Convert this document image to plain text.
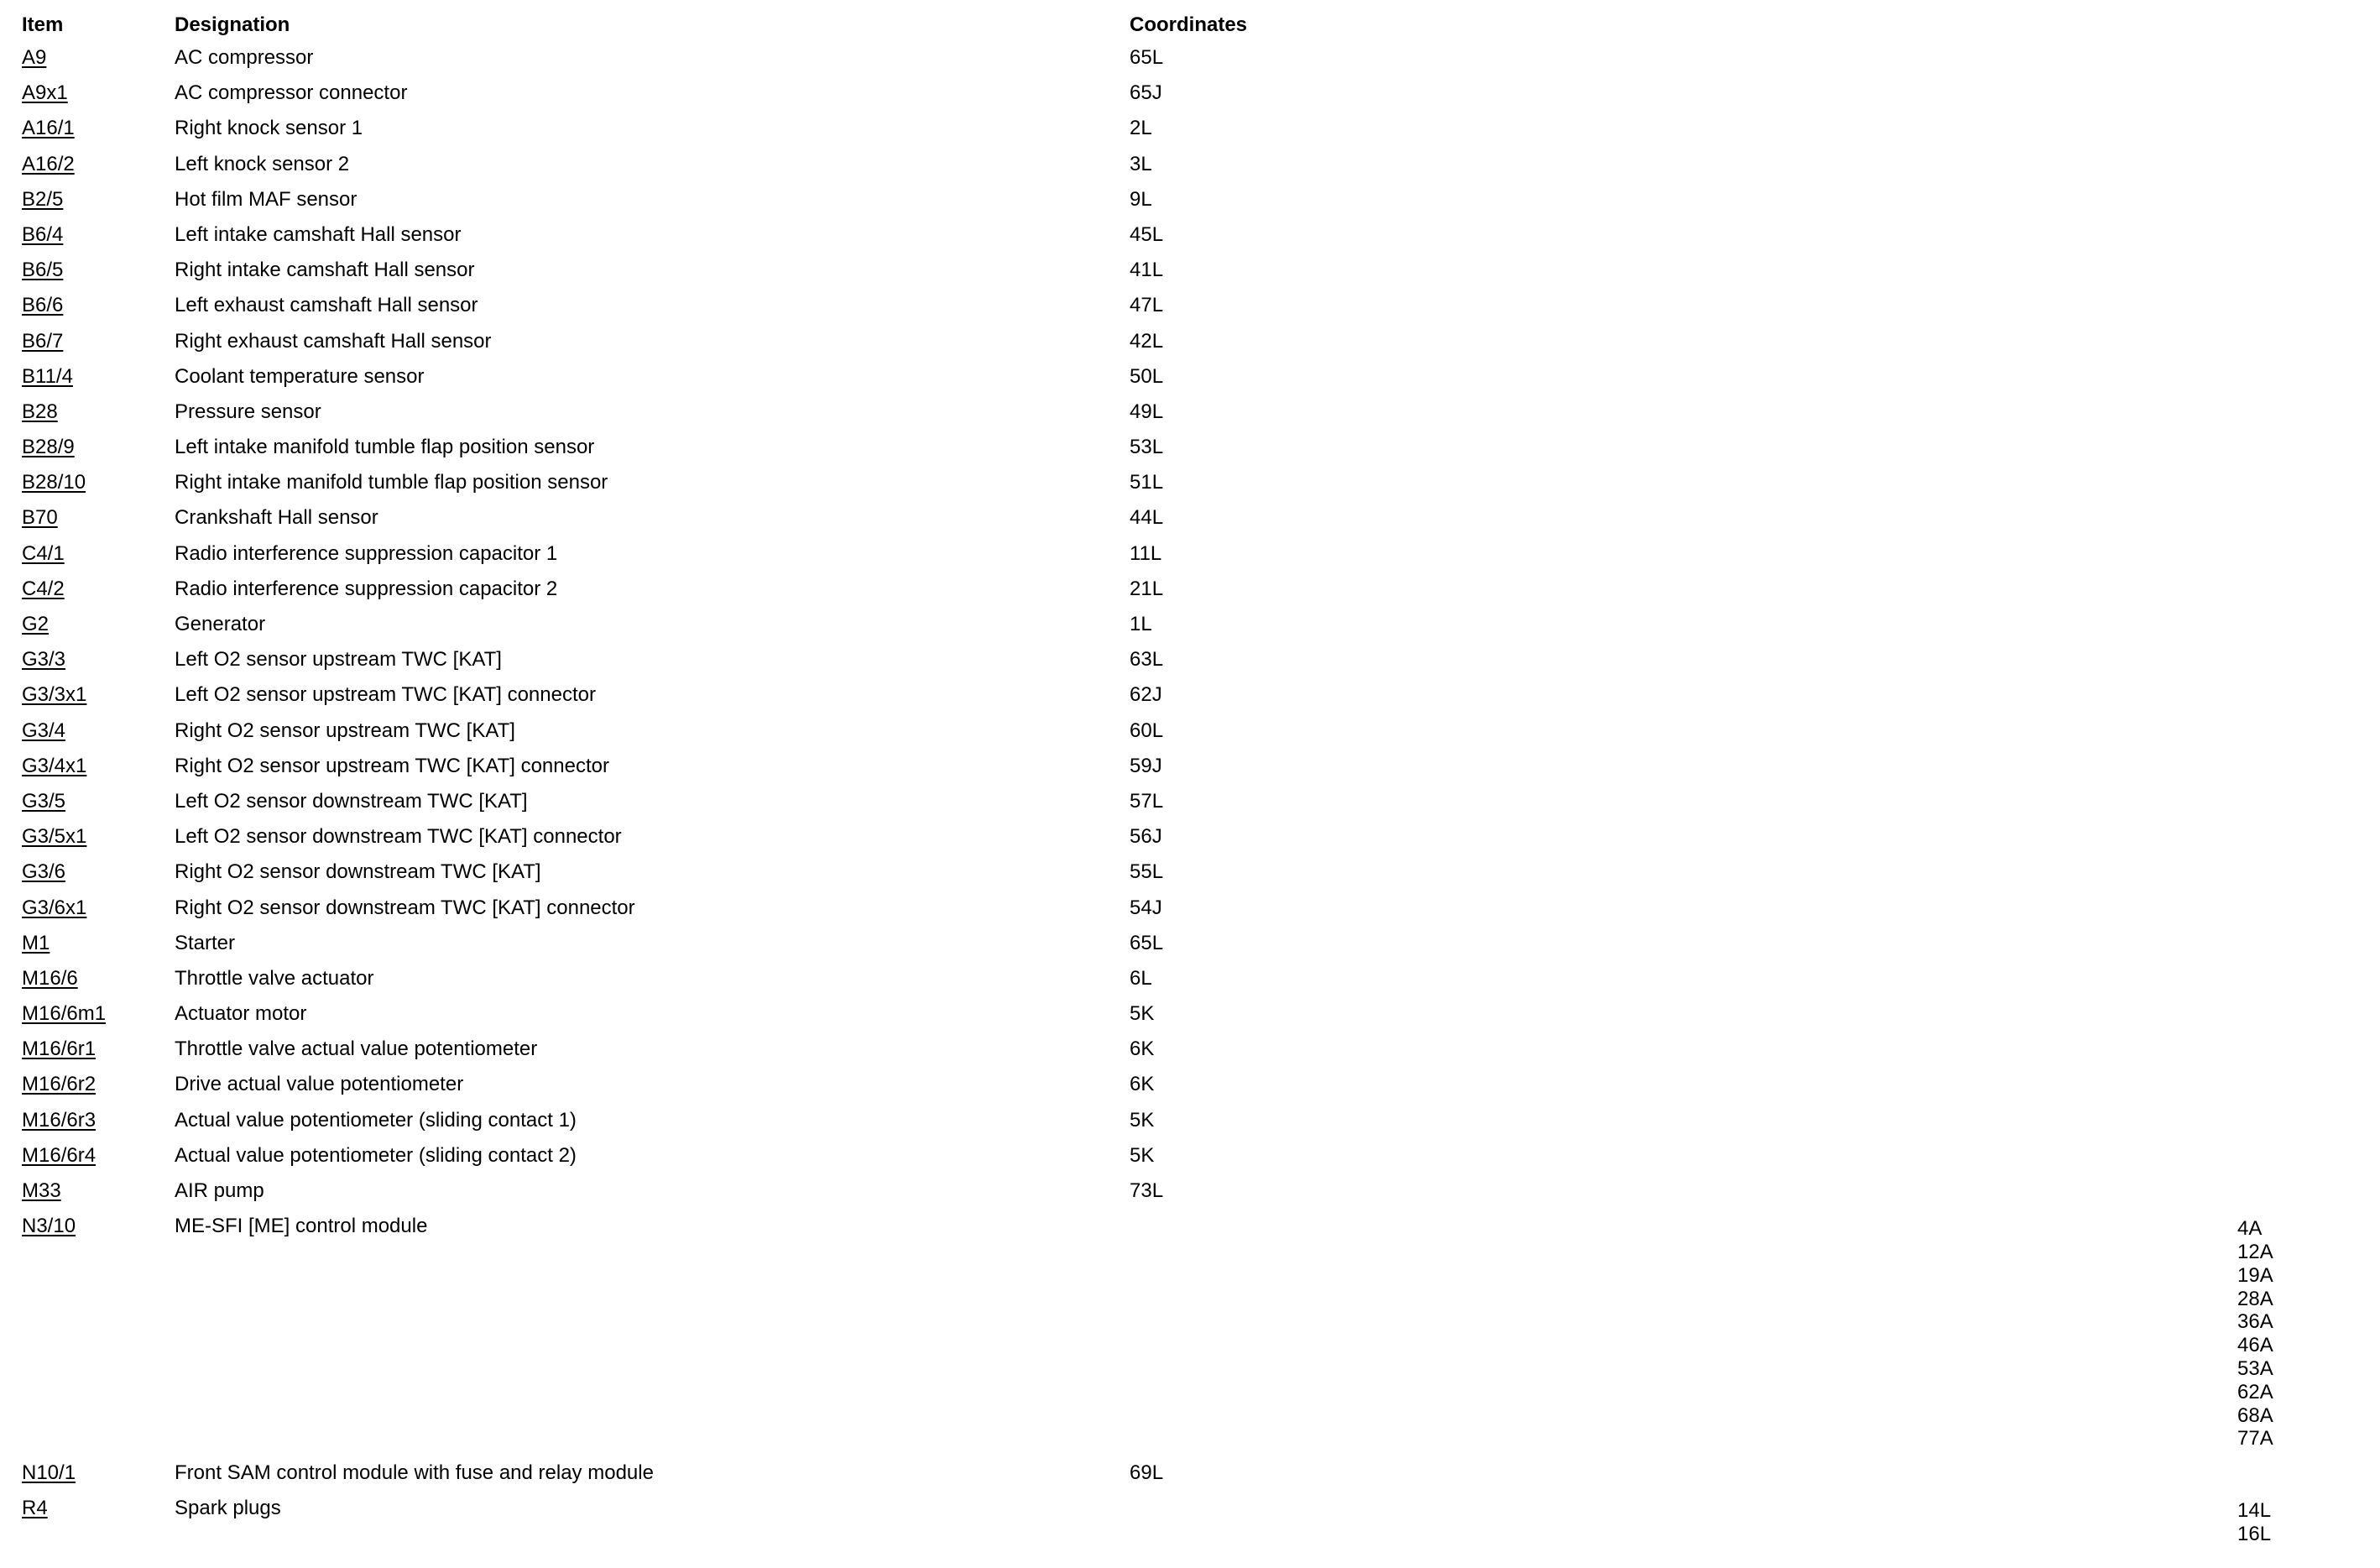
Item	Designation	Coordinates
A9	AC compressor	65L
A9x1	AC compressor connector	65J
A16/1	Right knock sensor 1	2L
A16/2	Left knock sensor 2	3L
B2/5	Hot film MAF sensor	9L
B6/4	Left intake camshaft Hall sensor	45L
B6/5	Right intake camshaft Hall sensor	41L
B6/6	Left exhaust camshaft Hall sensor	47L
B6/7	Right exhaust camshaft Hall sensor	42L
B11/4	Coolant temperature sensor	50L
B28	Pressure sensor	49L
B28/9	Left intake manifold tumble flap position sensor	53L
B28/10	Right intake manifold tumble flap position sensor	51L
B70	Crankshaft Hall sensor	44L
C4/1	Radio interference suppression capacitor 1	11L
C4/2	Radio interference suppression capacitor 2	21L
G2	Generator	1L
G3/3	Left O2 sensor upstream TWC [KAT]	63L
G3/3x1	Left O2 sensor upstream TWC [KAT] connector	62J
G3/4	Right O2 sensor upstream TWC [KAT]	60L
G3/4x1	Right O2 sensor upstream TWC [KAT] connector	59J
G3/5	Left O2 sensor downstream TWC [KAT]	57L
G3/5x1	Left O2 sensor downstream TWC [KAT] connector	56J
G3/6	Right O2 sensor downstream TWC [KAT]	55L
G3/6x1	Right O2 sensor downstream TWC [KAT] connector	54J
M1	Starter	65L
M16/6	Throttle valve actuator	6L
M16/6m1	Actuator motor	5K
M16/6r1	Throttle valve actual value potentiometer	6K
M16/6r2	Drive actual value potentiometer	6K
M16/6r3	Actual value potentiometer (sliding contact 1)	5K
M16/6r4	Actual value potentiometer (sliding contact 2)	5K
M33	AIR pump	73L
N3/10	ME-SFI [ME] control module	4A
12A
19A
28A
36A
46A
53A
62A
68A
77A
N10/1	Front SAM control module with fuse and relay module	69L
R4	Spark plugs	14L
16L
